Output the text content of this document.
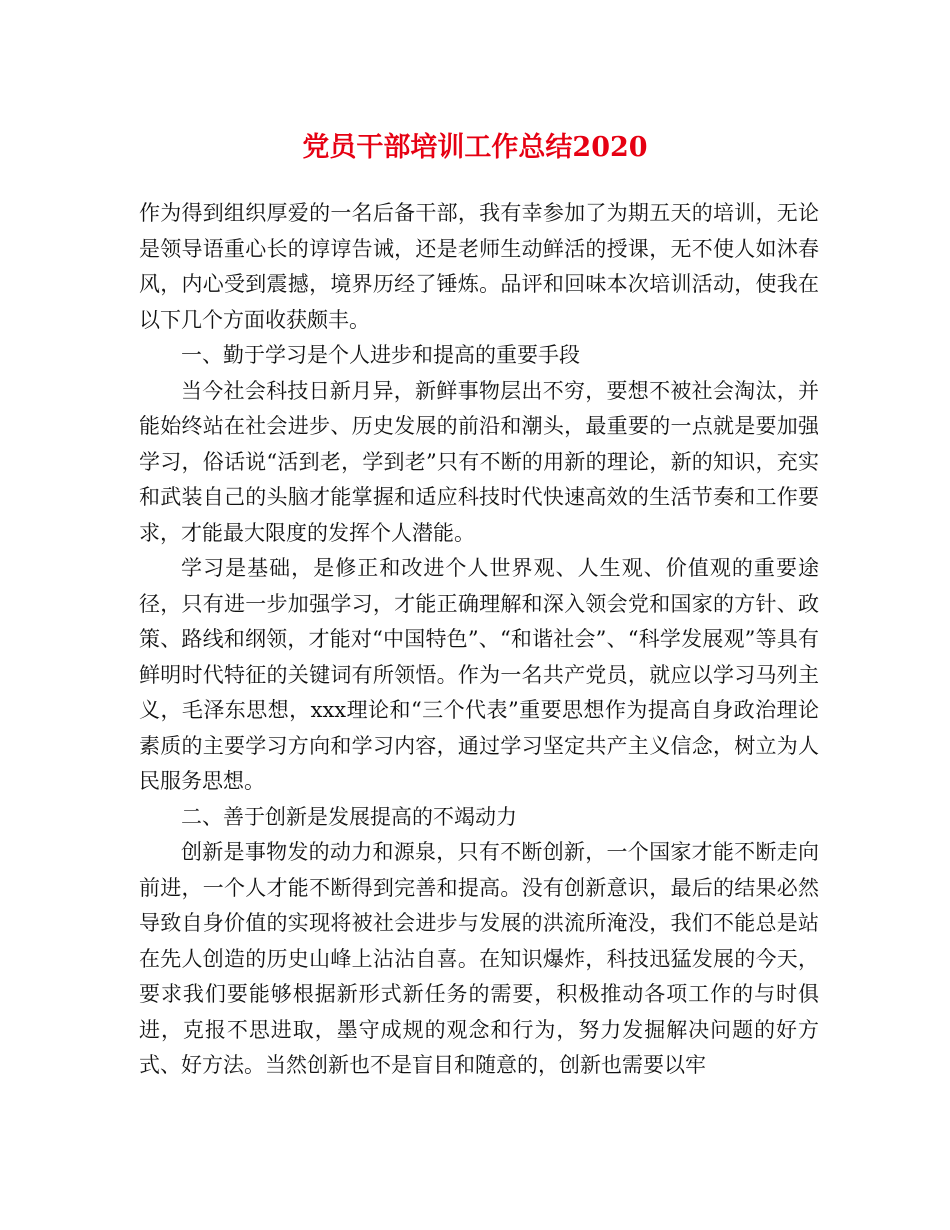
党员干部培训工作总结2020

作为得到组织厚爱的一名后备干部，我有幸参加了为期五天的培训，无论是领导语重心长的谆谆告诫，还是老师生动鲜活的授课，无不使人如沐春风，内心受到震撼，境界历经了锤炼。品评和回味本次培训活动，使我在以下几个方面收获颇丰。

一、勤于学习是个人进步和提高的重要手段

当今社会科技日新月异，新鲜事物层出不穷，要想不被社会淘汰，并能始终站在社会进步、历史发展的前沿和潮头，最重要的一点就是要加强学习，俗话说“活到老，学到老”只有不断的用新的理论，新的知识，充实和武装自己的头脑才能掌握和适应科技时代快速高效的生活节奏和工作要求，才能最大限度的发挥个人潜能。

学习是基础，是修正和改进个人世界观、人生观、价值观的重要途径，只有进一步加强学习，才能正确理解和深入领会党和国家的方针、政策、路线和纲领，才能对“中国特色”、“和谐社会”、“科学发展观”等具有鲜明时代特征的关键词有所领悟。作为一名共产党员，就应以学习马列主义，毛泽东思想，xxx理论和“三个代表”重要思想作为提高自身政治理论素质的主要学习方向和学习内容，通过学习坚定共产主义信念，树立为人民服务思想。

二、善于创新是发展提高的不竭动力

创新是事物发的动力和源泉，只有不断创新，一个国家才能不断走向前进，一个人才能不断得到完善和提高。没有创新意识，最后的结果必然导致自身价值的实现将被社会进步与发展的洪流所淹没，我们不能总是站在先人创造的历史山峰上沾沾自喜。在知识爆炸，科技迅猛发展的今天，要求我们要能够根据新形式新任务的需要，积极推动各项工作的与时俱进，克报不思进取，墨守成规的观念和行为，努力发掘解决问题的好方式、好方法。当然创新也不是盲目和随意的，创新也需要以牢
